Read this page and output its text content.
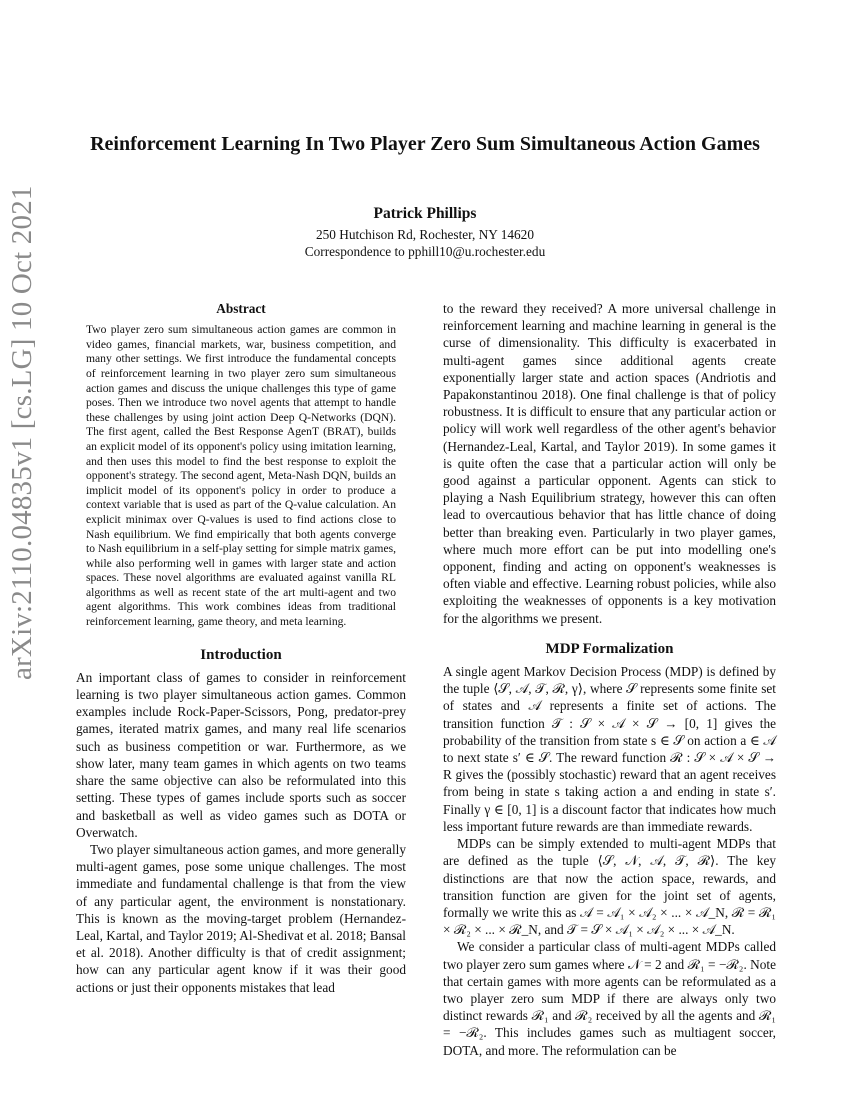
arXiv:2110.04835v1 [cs.LG] 10 Oct 2021
Reinforcement Learning In Two Player Zero Sum Simultaneous Action Games
Patrick Phillips
250 Hutchison Rd, Rochester, NY 14620
Correspondence to pphill10@u.rochester.edu
Abstract

Two player zero sum simultaneous action games are common in video games, financial markets, war, business competition, and many other settings. We first introduce the fundamental concepts of reinforcement learning in two player zero sum simultaneous action games and discuss the unique challenges this type of game poses. Then we introduce two novel agents that attempt to handle these challenges by using joint action Deep Q-Networks (DQN). The first agent, called the Best Response AgenT (BRAT), builds an explicit model of its opponent's policy using imitation learning, and then uses this model to find the best response to exploit the opponent's strategy. The second agent, Meta-Nash DQN, builds an implicit model of its opponent's policy in order to produce a context variable that is used as part of the Q-value calculation. An explicit minimax over Q-values is used to find actions close to Nash equilibrium. We find empirically that both agents converge to Nash equilibrium in a self-play setting for simple matrix games, while also performing well in games with larger state and action spaces. These novel algorithms are evaluated against vanilla RL algorithms as well as recent state of the art multi-agent and two agent algorithms. This work combines ideas from traditional reinforcement learning, game theory, and meta learning.

Introduction

An important class of games to consider in reinforcement learning is two player simultaneous action games. Common examples include Rock-Paper-Scissors, Pong, predator-prey games, iterated matrix games, and many real life scenarios such as business competition or war. Furthermore, as we show later, many team games in which agents on two teams share the same objective can also be reformulated into this setting. These types of games include sports such as soccer and basketball as well as video games such as DOTA or Overwatch.

Two player simultaneous action games, and more generally multi-agent games, pose some unique challenges. The most immediate and fundamental challenge is that from the view of any particular agent, the environment is nonstationary. This is known as the moving-target problem (Hernandez-Leal, Kartal, and Taylor 2019; Al-Shedivat et al. 2018; Bansal et al. 2018). Another difficulty is that of credit assignment; how can any particular agent know if it was their good actions or just their opponents mistakes that lead

to the reward they received? A more universal challenge in reinforcement learning and machine learning in general is the curse of dimensionality. This difficulty is exacerbated in multi-agent games since additional agents create exponentially larger state and action spaces (Andriotis and Papakonstantinou 2018). One final challenge is that of policy robustness. It is difficult to ensure that any particular action or policy will work well regardless of the other agent's behavior (Hernandez-Leal, Kartal, and Taylor 2019). In some games it is quite often the case that a particular action will only be good against a particular opponent. Agents can stick to playing a Nash Equilibrium strategy, however this can often lead to overcautious behavior that has little chance of doing better than breaking even. Particularly in two player games, where much more effort can be put into modelling one's opponent, finding and acting on opponent's weaknesses is often viable and effective. Learning robust policies, while also exploiting the weaknesses of opponents is a key motivation for the algorithms we present.

MDP Formalization

A single agent Markov Decision Process (MDP) is defined by the tuple ⟨𝒮, 𝒜, 𝒯, ℛ, γ⟩, where 𝒮 represents some finite set of states and 𝒜 represents a finite set of actions. The transition function 𝒯 : 𝒮 × 𝒜 × 𝒮 → [0, 1] gives the probability of the transition from state s ∈ 𝒮 on action a ∈ 𝒜 to next state s′ ∈ 𝒮. The reward function ℛ : 𝒮 × 𝒜 × 𝒮 → R gives the (possibly stochastic) reward that an agent receives from being in state s taking action a and ending in state s′. Finally γ ∈ [0, 1] is a discount factor that indicates how much less important future rewards are than immediate rewards.

MDPs can be simply extended to multi-agent MDPs that are defined as the tuple ⟨𝒮, 𝒩, 𝒜, 𝒯, ℛ⟩. The key distinctions are that now the action space, rewards, and transition function are given for the joint set of agents, formally we write this as 𝒜 = 𝒜₁ × 𝒜₂ × ... × 𝒜_N, ℛ = ℛ₁ × ℛ₂ × ... × ℛ_N, and 𝒯 = 𝒮 × 𝒜₁ × 𝒜₂ × ... × 𝒜_N.

We consider a particular class of multi-agent MDPs called two player zero sum games where 𝒩 = 2 and ℛ₁ = −ℛ₂. Note that certain games with more agents can be reformulated as a two player zero sum MDP if there are always only two distinct rewards ℛ₁ and ℛ₂ received by all the agents and ℛ₁ = −ℛ₂. This includes games such as multiagent soccer, DOTA, and more. The reformulation can be
